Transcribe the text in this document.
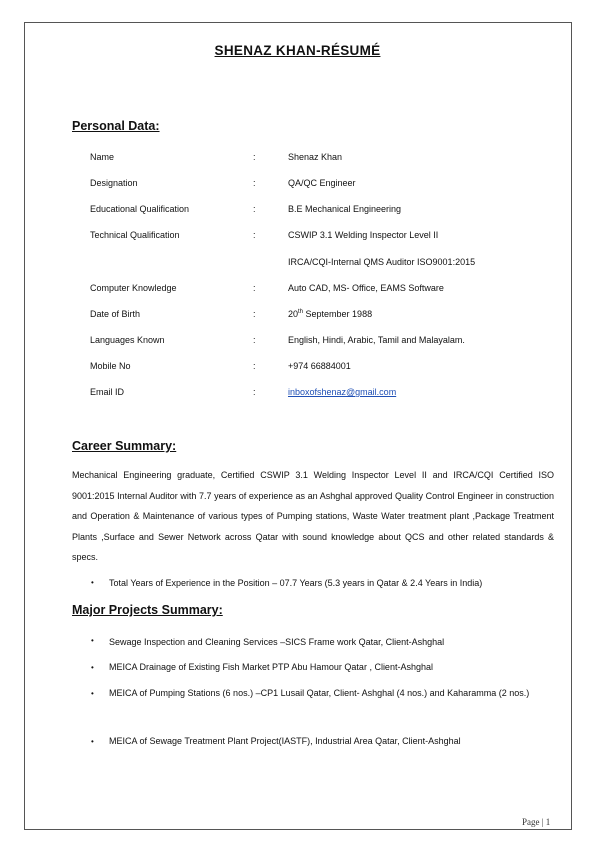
SHENAZ KHAN-RÉSUMÉ
Personal Data:
Name	:	Shenaz Khan
Designation	:	QA/QC Engineer
Educational Qualification	:	B.E Mechanical Engineering
Technical Qualification	:	CSWIP 3.1 Welding Inspector Level II
IRCA/CQI-Internal QMS Auditor ISO9001:2015
Computer Knowledge	:	Auto CAD, MS- Office, EAMS Software
Date of Birth	:	20th September 1988
Languages Known	:	English, Hindi, Arabic, Tamil and Malayalam.
Mobile No	:	+974 66884001
Email ID	:	inboxofshenaz@gmail.com
Career Summary:
Mechanical Engineering graduate, Certified CSWIP 3.1 Welding Inspector Level II and IRCA/CQI Certified ISO 9001:2015 Internal Auditor with 7.7 years of experience as an Ashghal approved Quality Control Engineer in construction and Operation & Maintenance of various types of Pumping stations, Waste Water treatment plant ,Package Treatment Plants ,Surface and Sewer Network across Qatar with sound knowledge about QCS and other related standards & specs.
• Total Years of Experience in the Position – 07.7 Years (5.3 years in Qatar & 2.4 Years in India)
Major Projects Summary:
• Sewage Inspection and Cleaning Services –SICS Frame work Qatar, Client-Ashghal
• MEICA Drainage of Existing Fish Market PTP Abu Hamour Qatar , Client-Ashghal
• MEICA of Pumping Stations (6 nos.) –CP1 Lusail Qatar, Client- Ashghal (4 nos.) and Kaharamma (2 nos.)
• MEICA of Sewage Treatment Plant Project(IASTF), Industrial Area Qatar, Client-Ashghal
Page | 1
